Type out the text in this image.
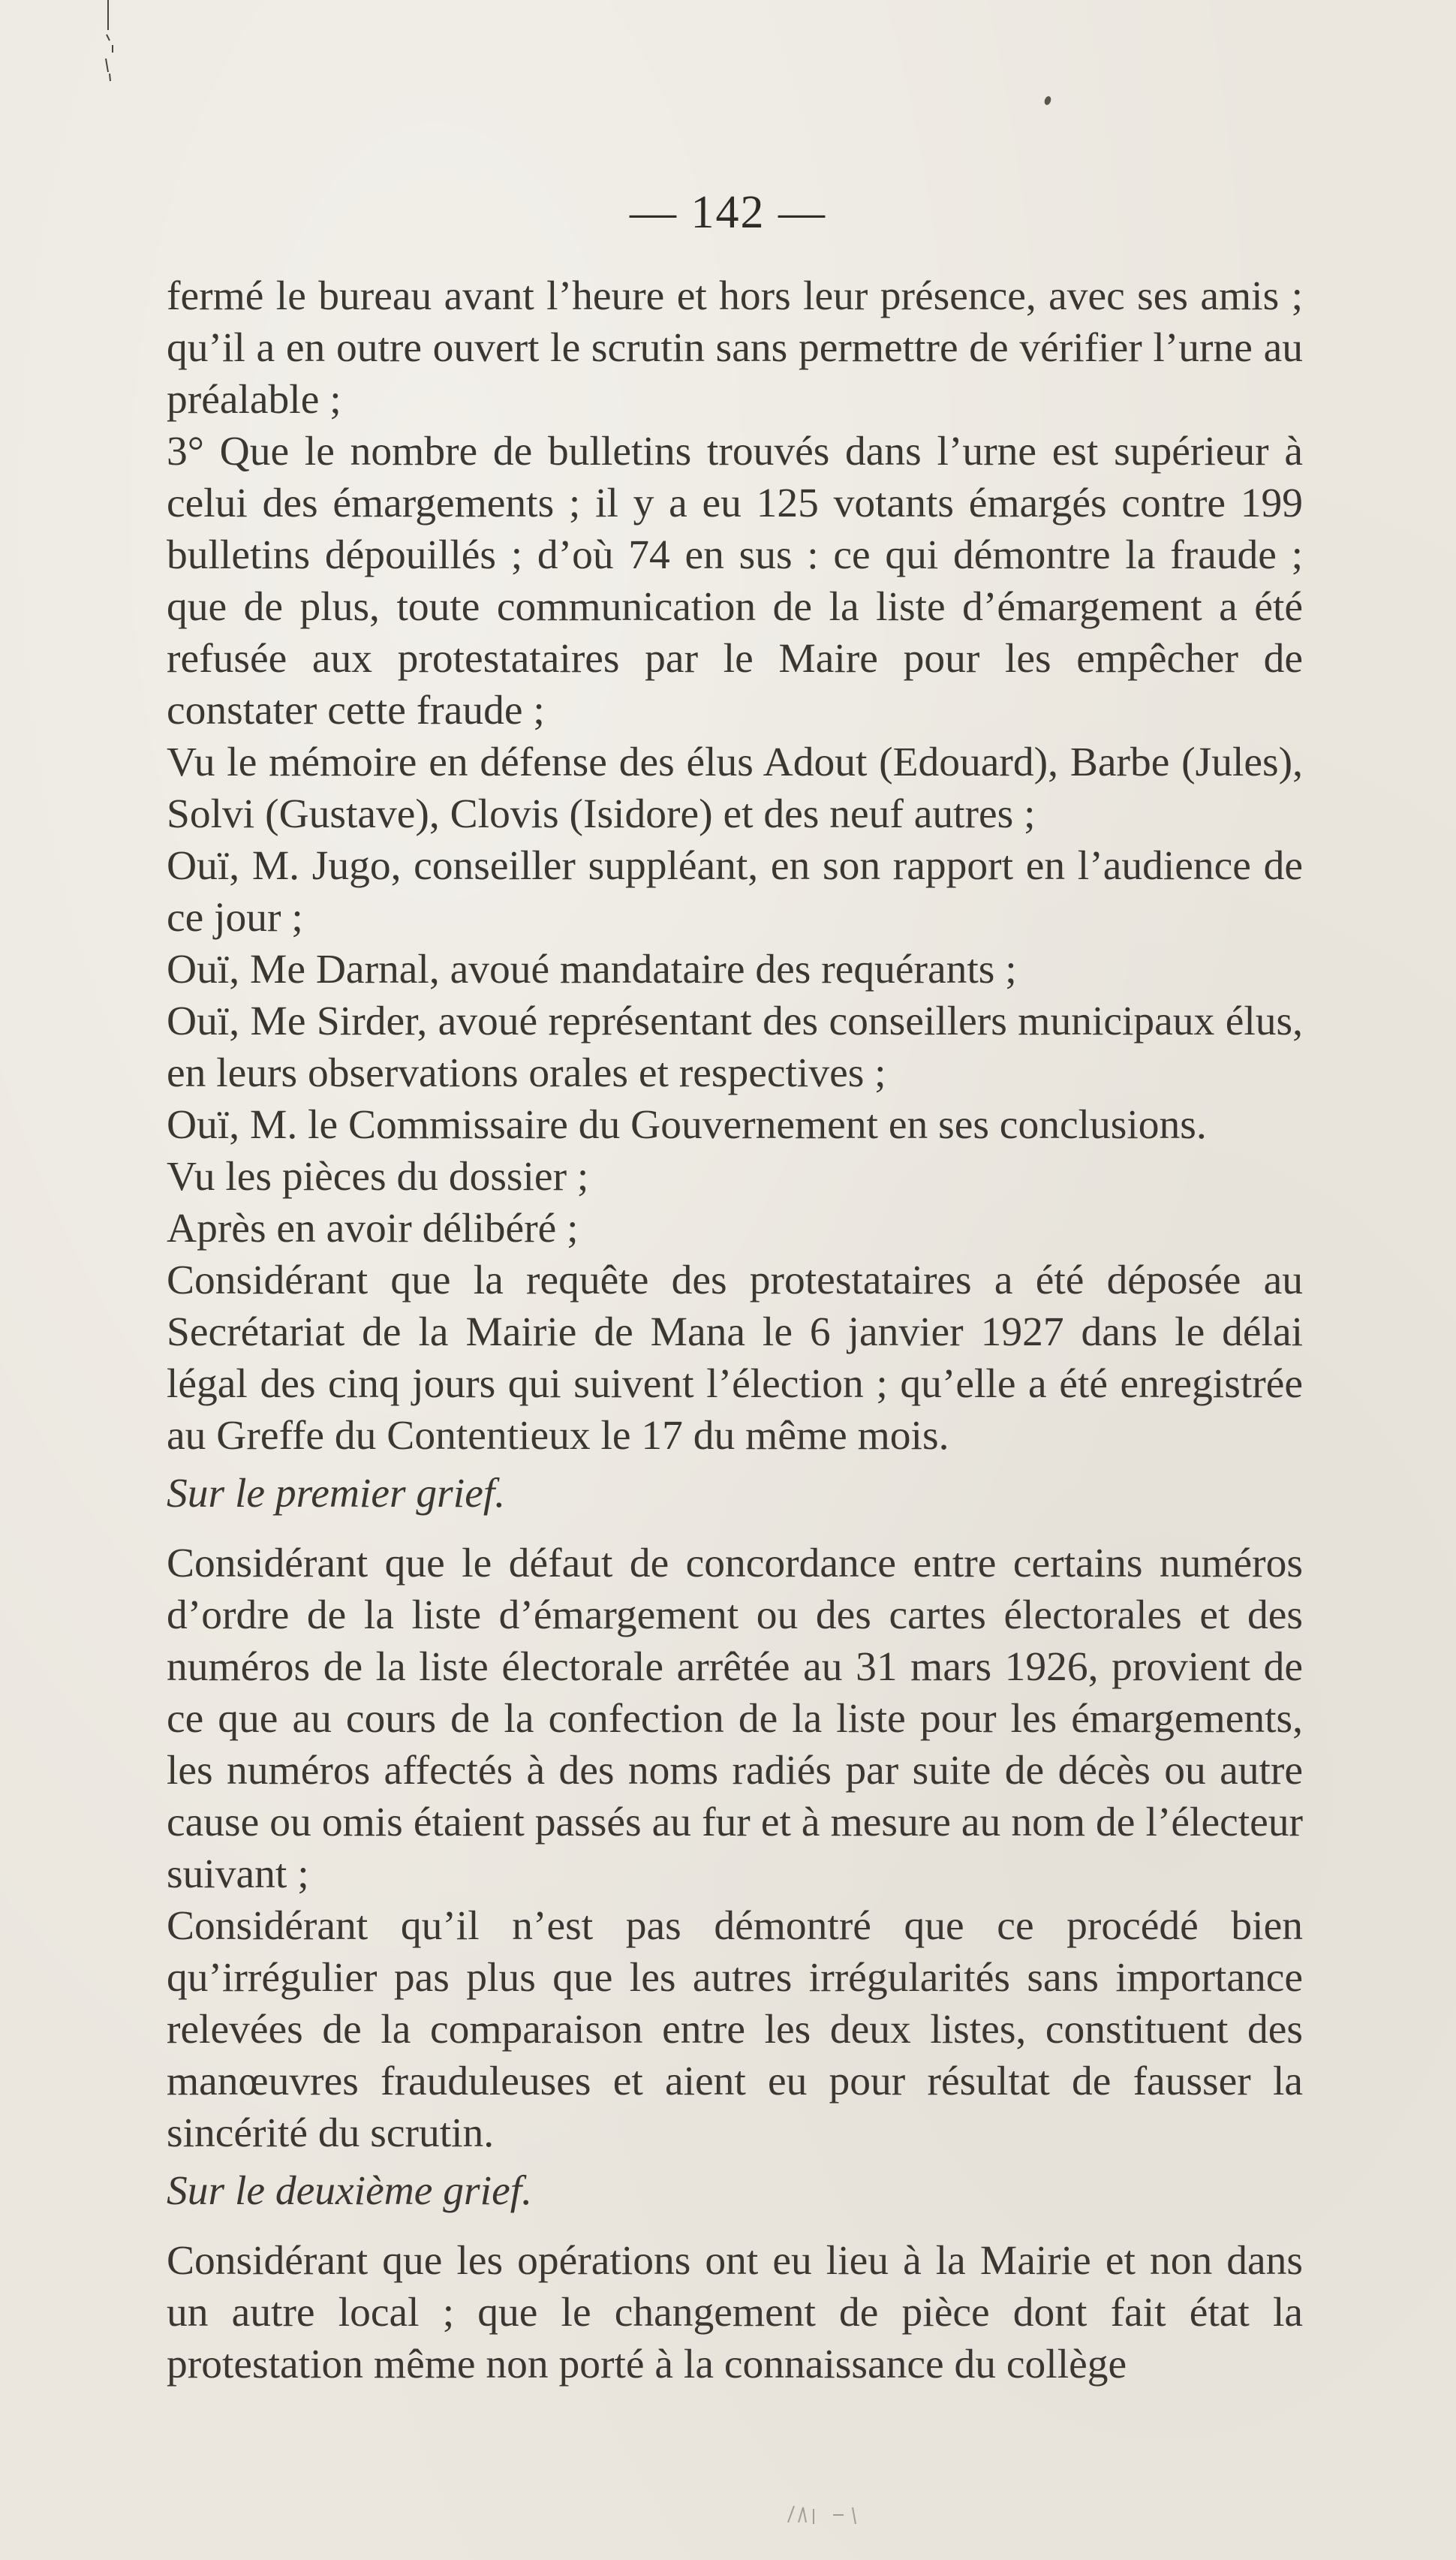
— 142 —

fermé le bureau avant l’heure et hors leur présence, avec ses amis ; qu’il a en outre ouvert le scrutin sans permettre de vérifier l’urne au préalable ;

3° Que le nombre de bulletins trouvés dans l’urne est supérieur à celui des émargements ; il y a eu 125 votants émargés contre 199 bulletins dépouillés ; d’où 74 en sus : ce qui démontre la fraude ; que de plus, toute communication de la liste d’émargement a été refusée aux protestataires par le Maire pour les empêcher de constater cette fraude ;

Vu le mémoire en défense des élus Adout (Edouard), Barbe (Jules), Solvi (Gustave), Clovis (Isidore) et des neuf autres ;

Ouï, M. Jugo, conseiller suppléant, en son rapport en l’audience de ce jour ;

Ouï, Me Darnal, avoué mandataire des requérants ;

Ouï, Me Sirder, avoué représentant des conseillers municipaux élus, en leurs observations orales et respectives ;

Ouï, M. le Commissaire du Gouvernement en ses conclusions.

Vu les pièces du dossier ;

Après en avoir délibéré ;

Considérant que la requête des protestataires a été déposée au Secrétariat de la Mairie de Mana le 6 janvier 1927 dans le délai légal des cinq jours qui suivent l’élection ; qu’elle a été enregistrée au Greffe du Contentieux le 17 du même mois.

Sur le premier grief.

Considérant que le défaut de concordance entre certains numéros d’ordre de la liste d’émargement ou des cartes électorales et des numéros de la liste électorale arrêtée au 31 mars 1926, provient de ce que au cours de la confection de la liste pour les émargements, les numéros affectés à des noms radiés par suite de décès ou autre cause ou omis étaient passés au fur et à mesure au nom de l’électeur suivant ;

Considérant qu’il n’est pas démontré que ce procédé bien qu’irrégulier pas plus que les autres irrégularités sans importance relevées de la comparaison entre les deux listes, constituent des manœuvres frauduleuses et aient eu pour résultat de fausser la sincérité du scrutin.

Sur le deuxième grief.

Considérant que les opérations ont eu lieu à la Mairie et non dans un autre local ; que le changement de pièce dont fait état la protestation même non porté à la connaissance du collège
